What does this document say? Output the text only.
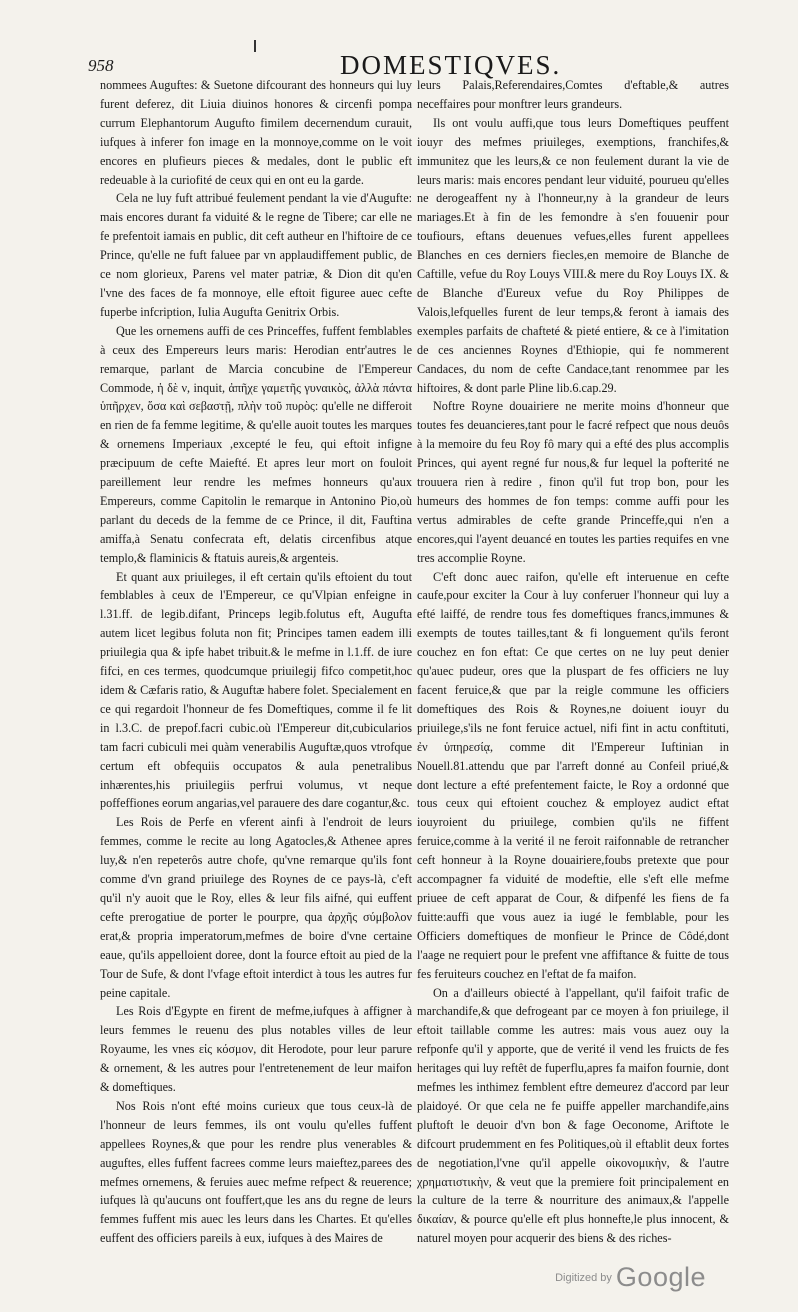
958	DOMESTIQVES.

nommees Auguftes: & Suetone difcourant des honneurs qui luy furent deferez, dit Liuia diuinos honores & circenfi pompa currum Elephantorum Augufto fimilem decernendum curauit, iufques à inferer fon image en la monnoye,comme on le voit encores en plufieurs pieces & medales, dont le public eft redeuable à la curiofité de ceux qui en ont eu la garde.

Cela ne luy fuft attribué feulement pendant la vie d'Augufte: mais encores durant fa viduité & le regne de Tibere; car elle ne fe prefentoit iamais en public, dit ceft autheur en l'hiftoire de ce Prince, qu'elle ne fuft faluee par vn applaudiffement public, de ce nom glorieux, Parens vel mater patriæ, & Dion dit qu'en l'vne des faces de fa monnoye, elle eftoit figuree auec cefte fuperbe infcription, Iulia Augufta Genitrix Orbis.

Que les ornemens auffi de ces Princeffes, fuffent femblables à ceux des Empereurs leurs maris: Herodian entr'autres le remarque, parlant de Marcia concubine de l'Empereur Commode, ἡ δὲ ν, inquit, ἀπῆχε γαμετῆς γυναικὸς, ἀλλὰ πάντα ὑπῆρχεν, ὅσα καὶ σεβαστῇ, πλὴν τοῦ πυρὸς: qu'elle ne differoit en rien de fa femme legitime, & qu'elle auoit toutes les marques & ornemens Imperiaux ,excepté le feu, qui eftoit infigne præcipuum de cefte Maiefté. Et apres leur mort on fouloit pareillement leur rendre les mefmes honneurs qu'aux Empereurs, comme Capitolin le remarque in Antonino Pio,où parlant du deceds de la femme de ce Prince, il dit, Fauftina amiffa,à Senatu confecrata eft, delatis circenfibus atque templo,& flaminicis & ftatuis aureis,& argenteis.

Et quant aux priuileges, il eft certain qu'ils eftoient du tout femblables à ceux de l'Empereur, ce qu'Vlpian enfeigne in l.31.ff. de legib.difant, Princeps legib.folutus eft, Augufta autem licet legibus foluta non fit; Principes tamen eadem illi priuilegia qua & ipfe habet tribuit.& le mefme in l.1.ff. de iure fifci, en ces termes, quodcumque priuilegij fifco competit,hoc idem & Cæfaris ratio, & Auguftæ habere folet. Specialement en ce qui regardoit l'honneur de fes Domeftiques, comme il fe lit in l.3.C. de prepof.facri cubic.où l'Empereur dit,cubicularios tam facri cubiculi mei quàm venerabilis Auguftæ,quos vtrofque certum eft obfequiis occupatos & aula penetralibus inhærentes,his priuilegiis perfrui volumus, vt neque poffeffiones eorum angarias,vel parauere des dare cogantur,&c.

Les Rois de Perfe en vferent ainfi à l'endroit de leurs femmes, comme le recite au long Agatocles,& Athenee apres luy,& n'en repeterôs autre chofe, qu'vne remarque qu'ils font comme d'vn grand priuilege des Roynes de ce pays-là, c'eft qu'il n'y auoit que le Roy, elles & leur fils aifné, qui euffent cefte prerogatiue de porter le pourpre, qua ἀρχῆς σύμβολον erat,& propria imperatorum,mefmes de boire d'vne certaine eaue, qu'ils appelloient doree, dont la fource eftoit au pied de la Tour de Sufe, & dont l'vfage eftoit interdict à tous les autres fur peine capitale.

Les Rois d'Egypte en firent de mefme,iufques à affigner à leurs femmes le reuenu des plus notables villes de leur Royaume, les vnes εἰς κόσμον, dit Herodote, pour leur parure & ornement, & les autres pour l'entretenement de leur maifon & domeftiques.

Nos Rois n'ont efté moins curieux que tous ceux-là de l'honneur de leurs femmes, ils ont voulu qu'elles fuffent appellees Roynes,& que pour les rendre plus venerables & auguftes, elles fuffent facrees comme leurs maieftez,parees des mefmes ornemens, & feruies auec mefme refpect & reuerence; iufques là qu'aucuns ont fouffert,que les ans du regne de leurs femmes fuffent mis auec les leurs dans les Chartes. Et qu'elles euffent des officiers pareils à eux, iufques à des Maires de

leurs Palais,Referendaires,Comtes d'eftable,& autres neceffaires pour monftrer leurs grandeurs.

Ils ont voulu auffi,que tous leurs Domeftiques peuffent iouyr des mefmes priuileges, exemptions, franchifes,& immunitez que les leurs,& ce non feulement durant la vie de leurs maris: mais encores pendant leur viduité, pourueu qu'elles ne derogeaffent ny à l'honneur,ny à la grandeur de leurs mariages.Et à fin de les femondre à s'en fouuenir pour toufiours, eftans deuenues vefues,elles furent appellees Blanches en ces derniers fiecles,en memoire de Blanche de Caftille, vefue du Roy Louys VIII.& mere du Roy Louys IX. & de Blanche d'Eureux vefue du Roy Philippes de Valois,lefquelles furent de leur temps,& feront à iamais des exemples parfaits de chafteté & pieté entiere, & ce à l'imitation de ces anciennes Roynes d'Ethiopie, qui fe nommerent Candaces, du nom de cefte Candace,tant renommee par les hiftoires, & dont parle Pline lib.6.cap.29.

Noftre Royne douairiere ne merite moins d'honneur que toutes fes deuancieres,tant pour le facré refpect que nous deuôs à la memoire du feu Roy fô mary qui a efté des plus accomplis Princes, qui ayent regné fur nous,& fur lequel la pofterité ne trouuera rien à redire , finon qu'il fut trop bon, pour les humeurs des hommes de fon temps: comme auffi pour les vertus admirables de cefte grande Princeffe,qui n'en a encores,qui l'ayent deuancé en toutes les parties requifes en vne tres accomplie Royne.

C'eft donc auec raifon, qu'elle eft interuenue en cefte caufe,pour exciter la Cour à luy conferuer l'honneur qui luy a efté laiffé, de rendre tous fes domeftiques francs,immunes & exempts de toutes tailles,tant & fi longuement qu'ils feront couchez en fon eftat: Ce que certes on ne luy peut denier qu'auec pudeur, ores que la pluspart de fes officiers ne luy facent feruice,& que par la reigle commune les officiers domeftiques des Rois & Roynes,ne doiuent iouyr du priuilege,s'ils ne font feruice actuel, nifi fint in actu conftituti, ἐν ὑπηρεσίᾳ, comme dit l'Empereur Iuftinian in Nouell.81.attendu que par l'arreft donné au Confeil priué,& dont lecture a efté prefentement faicte, le Roy a ordonné que tous ceux qui eftoient couchez & employez audict eftat iouyroient du priuilege, combien qu'ils ne fiffent feruice,comme à la verité il ne feroit raifonnable de retrancher ceft honneur à la Royne douairiere,foubs pretexte que pour accompagner fa viduité de modeftie, elle s'eft elle mefme priuee de ceft apparat de Cour, & difpenfé les fiens de fa fuitte:auffi que vous auez ia iugé le femblable, pour les Officiers domeftiques de monfieur le Prince de Côdé,dont l'aage ne requiert pour le prefent vne affiftance & fuitte de tous fes feruiteurs couchez en l'eftat de fa maifon.

On a d'ailleurs obiecté à l'appellant, qu'il faifoit trafic de marchandife,& que defrogeant par ce moyen à fon priuilege, il eftoit taillable comme les autres: mais vous auez ouy la refponfe qu'il y apporte, que de verité il vend les fruicts de fes heritages qui luy reftêt de fuperflu,apres fa maifon fournie, dont mefmes les inthimez femblent eftre demeurez d'accord par leur plaidoyé. Or que cela ne fe puiffe appeller marchandife,ains pluftoft le deuoir d'vn bon & fage Oeconome, Ariftote le difcourt prudemment en fes Politiques,où il eftablit deux fortes de negotiation,l'vne qu'il appelle οἰκονομικὴν, & l'autre χρηματιστικὴν, & veut que la premiere foit principalement en la culture de la terre & nourriture des animaux,& l'appelle δικαίαν, & pource qu'elle eft plus honnefte,le plus innocent, & naturel moyen pour acquerir des biens & des riches-

Digitized by Google
